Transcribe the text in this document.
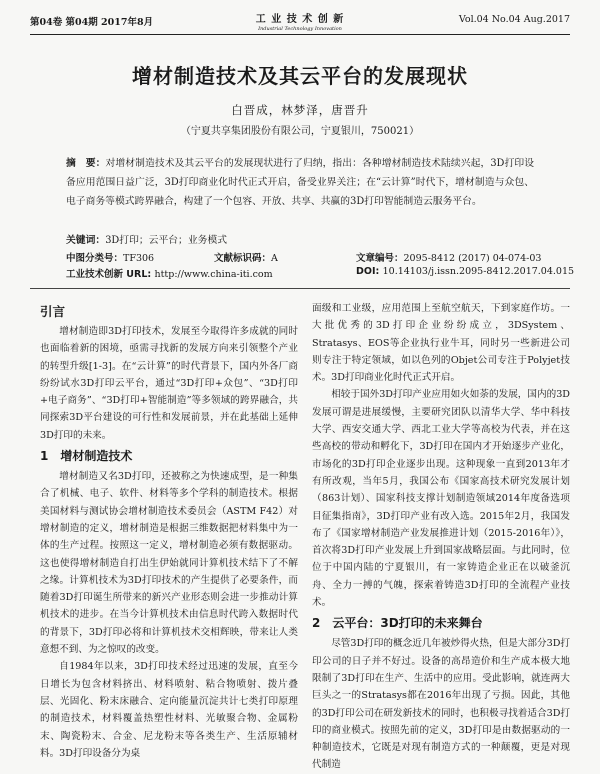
第04卷 第04期 2017年8月	工 业 技 术 创 新
Industrial Technology Innovation
Vol.04 No.04 Aug.2017
增材制造技术及其云平台的发展现状
白晋成，林梦泽，唐晋升
（宁夏共享集团股份有限公司，宁夏银川，750021）
摘　要：对增材制造技术及其云平台的发展现状进行了归纳，指出：各种增材制造技术陆续兴起，3D打印设备应用范围日益广泛，3D打印商业化时代正式开启，备受业界关注；在“云计算”时代下，增材制造与众包、电子商务等模式跨界融合，构建了一个包容、开放、共享、共赢的3D打印智能制造云服务平台。
关键词：3D打印；云平台；业务模式
中图分类号：TF306	文献标识码：A	文章编号：2095-8412 (2017) 04-074-03
工业技术创新 URL: http://www.china-iti.com	DOI: 10.14103/j.issn.2095-8412.2017.04.015
引言

增材制造即3D打印技术，发展至今取得许多成就的同时也面临着新的困境，亟需寻找新的发展方向来引领整个产业的转型升级[1-3]。在“云计算”的时代背景下，国内外各厂商纷纷试水3D打印云平台，通过“3D打印+众包”、“3D打印+电子商务”、“3D打印+智能制造”等多领域的跨界融合，共同探索3D平台建设的可行性和发展前景，并在此基础上延伸3D打印的未来。

1　增材制造技术

增材制造又名3D打印，还被称之为快速成型，是一种集合了机械、电子、软件、材料等多个学科的制造技术。根据美国材料与测试协会增材制造技术委员会（ASTM F42）对增材制造的定义，增材制造是根据三维数据把材料集中为一体的生产过程。按照这一定义，增材制造必须有数据驱动。这也使得增材制造自打出生伊始就同计算机技术结下了不解之缘。计算机技术为3D打印技术的产生提供了必要条件，而随着3D打印诞生所带来的新兴产业形态则会进一步推动计算机技术的进步。在当今计算机技术由信息时代跨入数据时代的背景下，3D打印必将和计算机技术交相辉映，带来让人类意想不到、为之惊叹的改变。

自1984年以来，3D打印技术经过迅速的发展，直至今日增长为包含材料挤出、材料喷射、粘合物喷射、拨片叠层、光固化、粉末床融合、定向能量沉淀共计七类打印原理的制造技术，材料覆盖热塑性材料、光敏聚合物、金属粉末、陶瓷粉末、合金、尼龙粉末等各类生产、生活原辅材料。3D打印设备分为桌

面级和工业级，应用范围上至航空航天，下到家庭作坊。一大批优秀的3D打印企业纷纷成立，3DSystem、Stratasys、EOS等企业执行业牛耳，同时另一些新进公司则专注于特定领域，如以色列的Objet公司专注于Polyjet技术。3D打印商业化时代正式开启。

相较于国外3D打印产业应用如火如荼的发展，国内的3D发展可谓是进展缓慢，主要研究团队以清华大学、华中科技大学、西安交通大学、西北工业大学等高校为代表，并在这些高校的带动和孵化下，3D打印在国内才开始逐步产业化，市场化的3D打印企业逐步出现。这种现象一直到2013年才有所改观，当年5月，我国公布《国家高技术研究发展计划（863计划）、国家科技支撑计划制造领域2014年度备选项目征集指南》，3D打印产业有改入选。2015年2月，我国发布了《国家增材制造产业发展推进计划（2015-2016年）》，首次将3D打印产业发展上升到国家战略层面。与此同时，位位于中国内陆的宁夏银川，有一家铸造企业正在以破釜沉舟、全力一搏的气魄，探索着铸造3D打印的全流程产业技术。

2　云平台：3D打印的未来舞台

尽管3D打印的概念近几年被炒得火热，但是大部分3D打印公司的日子并不好过。设备的高昂造价和生产成本极大地限制了3D打印在生产、生活中的应用。受此影响，就连两大巨头之一的Stratasys都在2016年出现了亏损。因此，其他的3D打印公司在研发新技术的同时，也积极寻找着适合3D打印的商业模式。按照先前的定义，3D打印是由数据驱动的一种制造技术，它既是对现有制造方式的一种颠覆，更是对现代制造
